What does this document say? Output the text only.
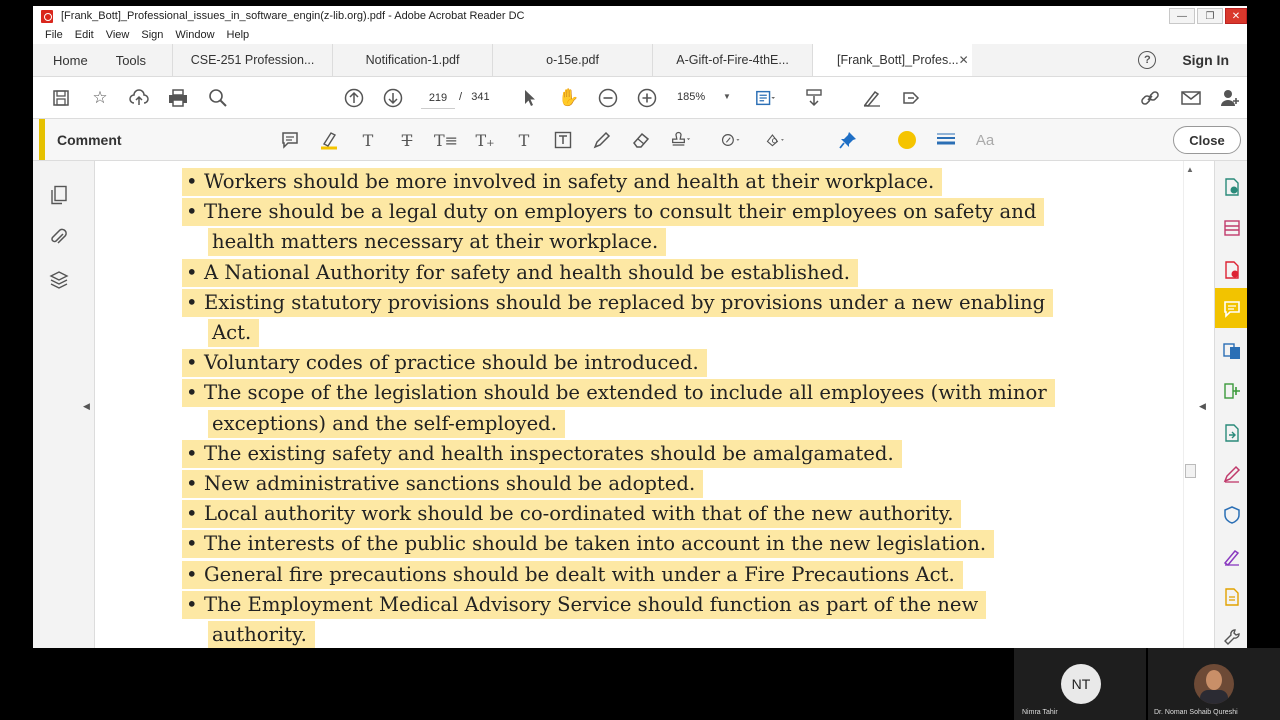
[Frank_Bott]_Professional_issues_in_software_engin(z-lib.org).pdf - Adobe Acrobat Reader DC	—	❐	✕
File Edit View Sign Window Help
Home	Tools	CSE-251 Profession...	Notification-1.pdf	o-15e.pdf	A-Gift-of-Fire-4thE...	[Frank_Bott]_Profes... ✕	?	Sign In
☆	219	/ 341	✋	185% ▼
Comment	T T T≡ T₊ T	Aa	Close
◀
• Workers should be more involved in safety and health at their workplace.
• There should be a legal duty on employers to consult their employees on safety and
health matters necessary at their workplace.
• A National Authority for safety and health should be established.
• Existing statutory provisions should be replaced by provisions under a new enabling
Act.
• Voluntary codes of practice should be introduced.
• The scope of the legislation should be extended to include all employees (with minor
exceptions) and the self-employed.
• The existing safety and health inspectorates should be amalgamated.
• New administrative sanctions should be adopted.
• Local authority work should be co-ordinated with that of the new authority.
• The interests of the public should be taken into account in the new legislation.
• General fire precautions should be dealt with under a Fire Precautions Act.
• The Employment Medical Advisory Service should function as part of the new
authority.
▲
◀
NT
Nimra Tahir	Dr. Noman Sohaib Qureshi
